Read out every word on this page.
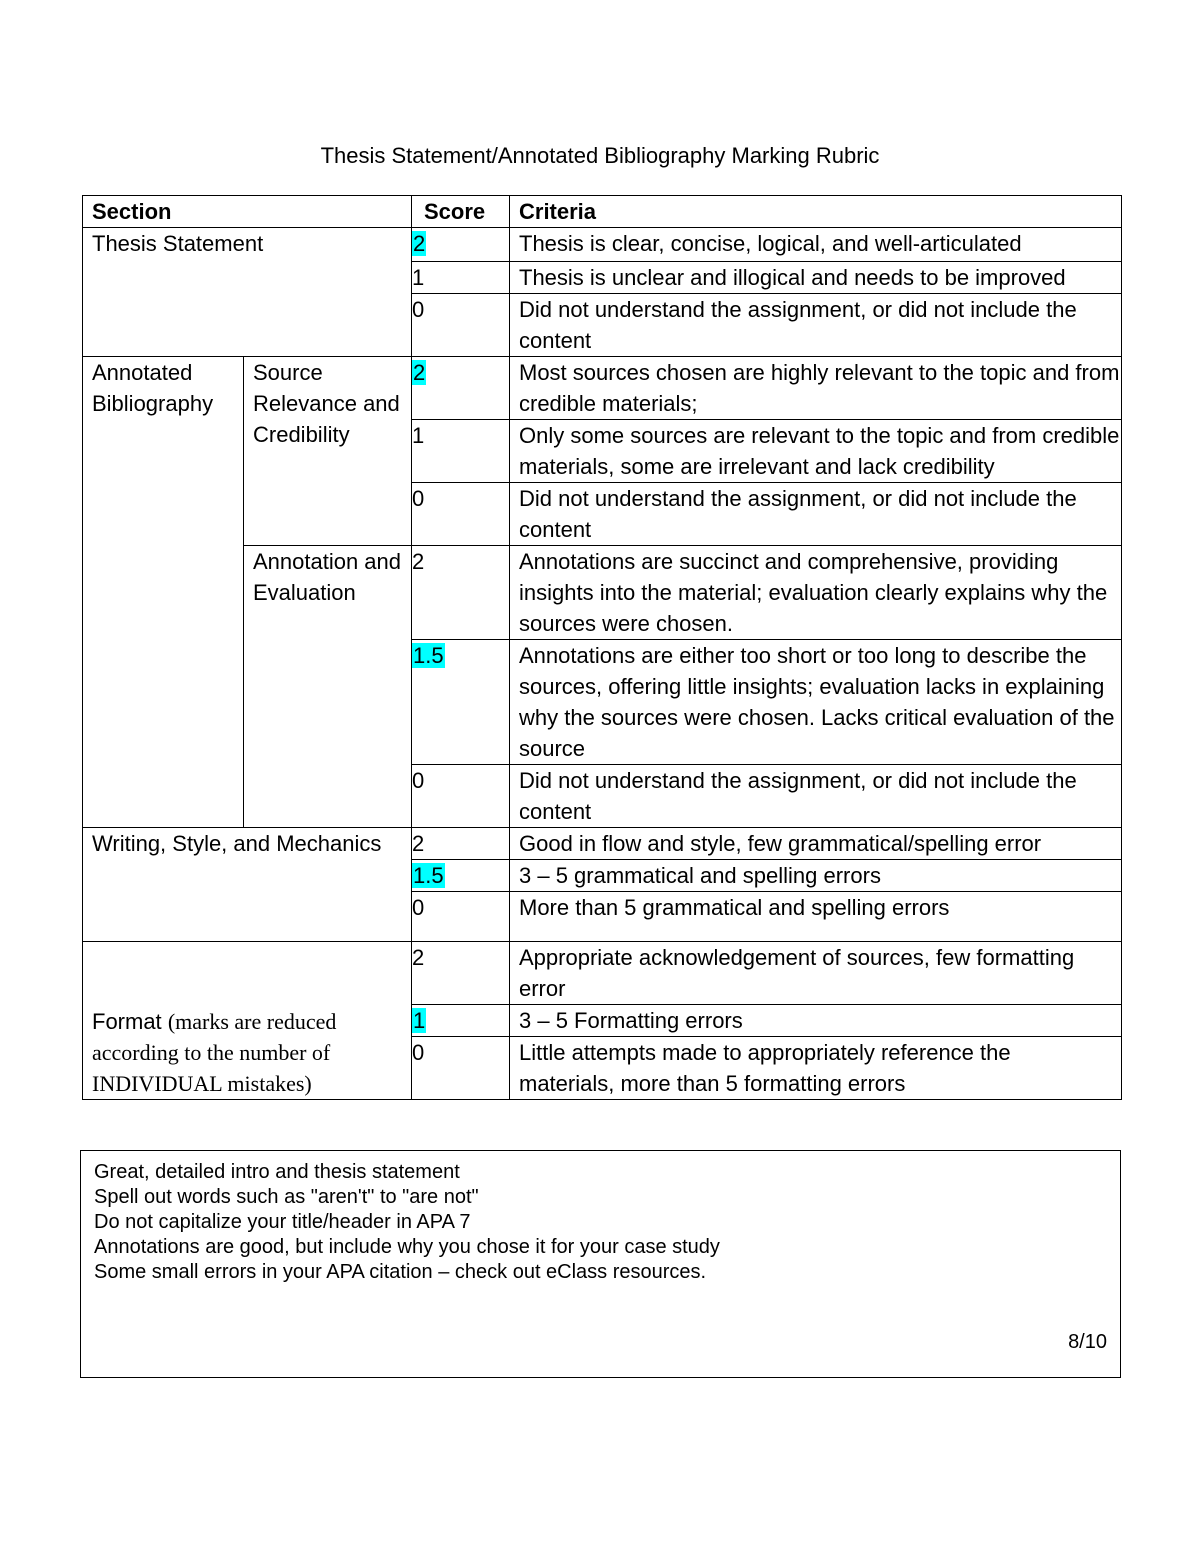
Thesis Statement/Annotated Bibliography Marking Rubric
Section		Score	Criteria
Thesis Statement		2	Thesis is clear, concise, logical, and well-articulated
		1	Thesis is unclear and illogical and needs to be improved
		0	Did not understand the assignment, or did not include the content
Annotated Bibliography	Source Relevance and Credibility	2	Most sources chosen are highly relevant to the topic and from credible materials;
		1	Only some sources are relevant to the topic and from credible materials, some are irrelevant and lack credibility
		0	Did not understand the assignment, or did not include the content
	Annotation and Evaluation	2	Annotations are succinct and comprehensive, providing insights into the material; evaluation clearly explains why the sources were chosen.
		1.5	Annotations are either too short or too long to describe the sources, offering little insights; evaluation lacks in explaining why the sources were chosen. Lacks critical evaluation of the source
		0	Did not understand the assignment, or did not include the content
Writing, Style, and Mechanics		2	Good in flow and style, few grammatical/spelling error
		1.5	3 – 5 grammatical and spelling errors
		0	More than 5 grammatical and spelling errors
Format (marks are reduced according to the number of INDIVIDUAL mistakes)		2	Appropriate acknowledgement of sources, few formatting error
		1	3 – 5 Formatting errors
		0	Little attempts made to appropriately reference the materials, more than 5 formatting errors
Great, detailed intro and thesis statement
Spell out words such as "aren't" to "are not"
Do not capitalize your title/header in APA 7
Annotations are good, but include why you chose it for your case study
Some small errors in your APA citation – check out eClass resources.
8/10
